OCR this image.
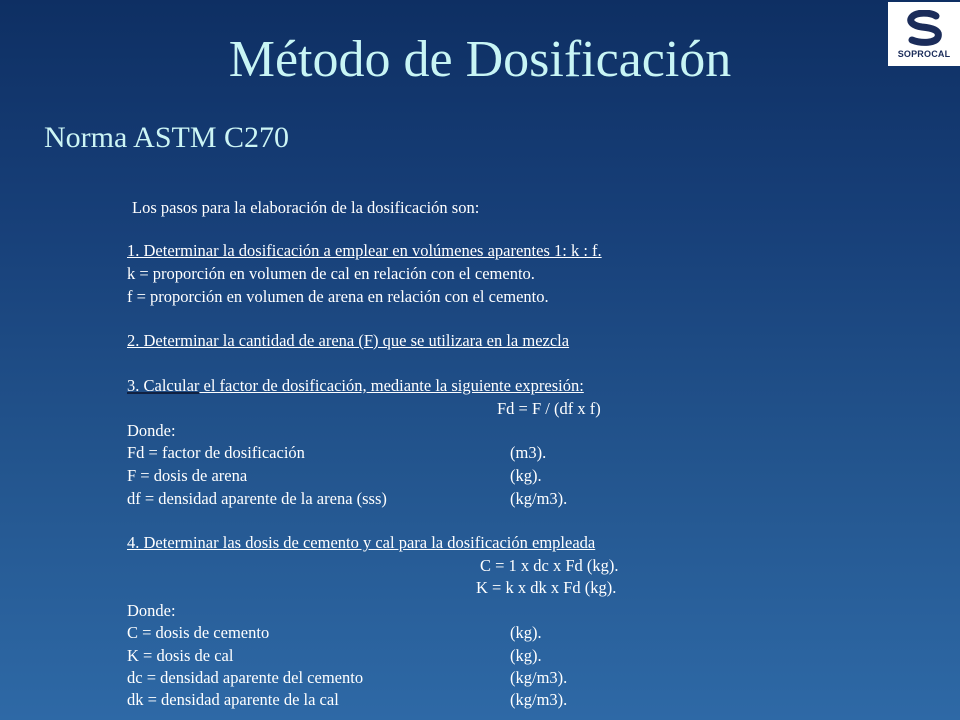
SOPROCAL
Método de Dosificación
Norma ASTM C270
Los pasos para la elaboración de la dosificación son:
1. Determinar la dosificación a emplear en volúmenes aparentes 1: k : f.
k = proporción en volumen de cal en relación con el cemento.
f = proporción en volumen de arena en relación con el cemento.
2. Determinar la cantidad de arena (F) que se utilizara en la mezcla
3. Calcular el factor de dosificación, mediante la siguiente expresión:
Fd = F / (df x f)
Donde:
Fd = factor de dosificación	(m3).
F = dosis de arena	(kg).
df = densidad aparente de la arena (sss)	(kg/m3).
4. Determinar las dosis de cemento y cal para la dosificación empleada
C = 1 x dc x Fd (kg).
K = k x dk x Fd (kg).
Donde:
C = dosis de cemento	(kg).
K = dosis de cal	(kg).
dc = densidad aparente del cemento	(kg/m3).
dk = densidad aparente de la cal	(kg/m3).
